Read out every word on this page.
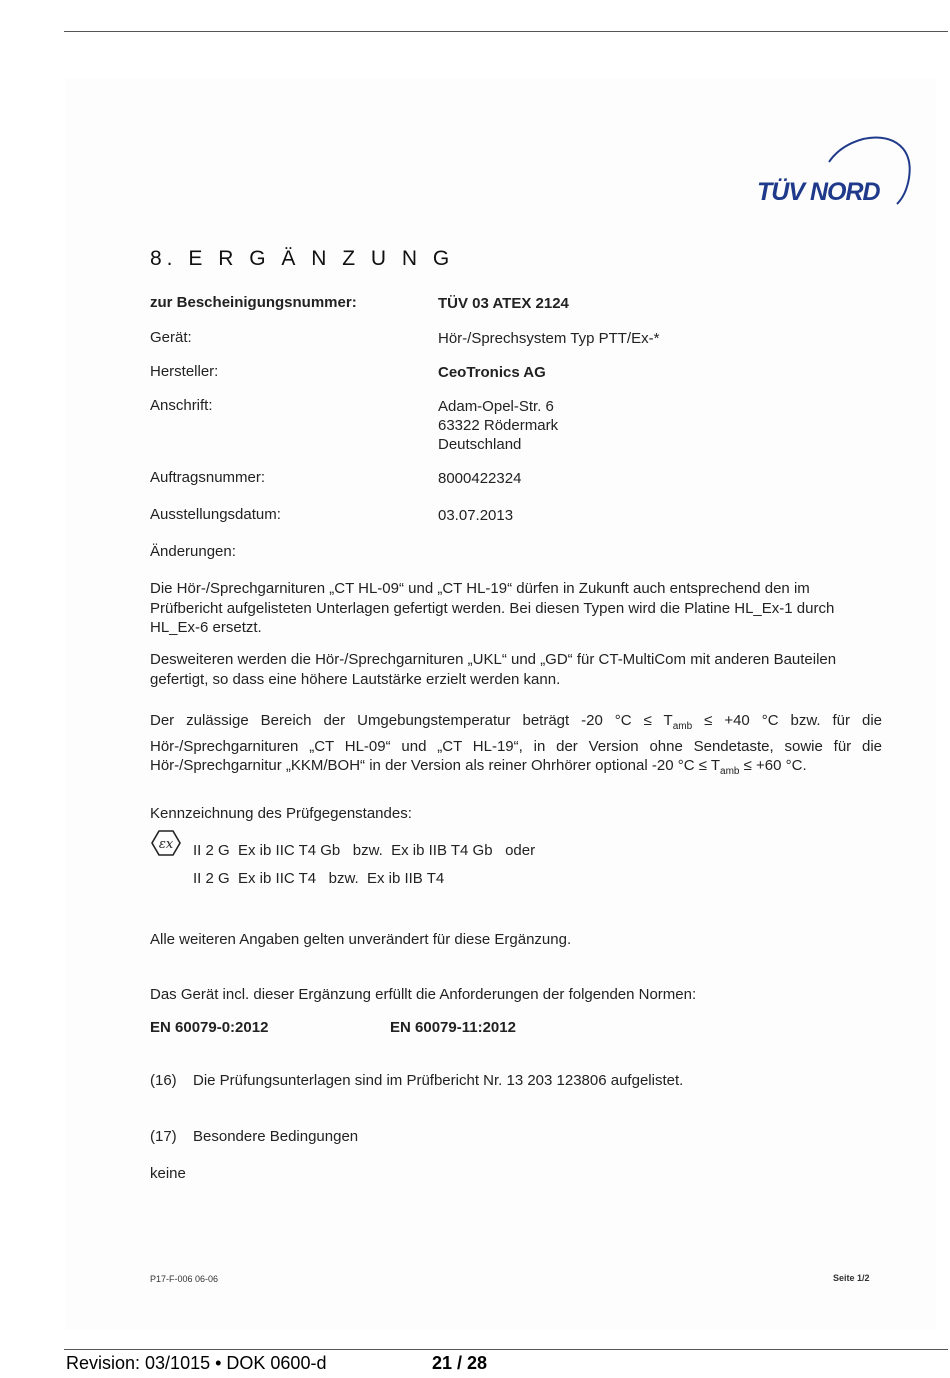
TÜV NORD
8. E R G Ä N Z U N G
zur Bescheinigungsnummer:	TÜV 03 ATEX 2124
Gerät:	Hör-/Sprechsystem Typ PTT/Ex-*
Hersteller:	CeoTronics AG
Anschrift:	Adam-Opel-Str. 6
63322 Rödermark
Deutschland
Auftragsnummer:	8000422324
Ausstellungsdatum:	03.07.2013
Änderungen:
Die Hör-/Sprechgarnituren „CT HL-09“ und „CT HL-19“ dürfen in Zukunft auch entsprechend den im Prüfbericht aufgelisteten Unterlagen gefertigt werden. Bei diesen Typen wird die Platine HL_Ex-1 durch HL_Ex-6 ersetzt.
Desweiteren werden die Hör-/Sprechgarnituren „UKL“ und „GD“ für CT-MultiCom mit anderen Bauteilen gefertigt, so dass eine höhere Lautstärke erzielt werden kann.
Der zulässige Bereich der Umgebungstemperatur beträgt -20 $^\circ C \le T_{amb} \le +40$ °C bzw. für die Hör-/Sprechgarnituren „CT HL-09“ und „CT HL-19“, in der Version ohne Sendetaste, sowie für die Hör-/Sprechgarnitur „KKM/BOH“ in der Version als reiner Ohrhörer optional -20 $^\circ C \le T_{amb} \le +60$ °C.
Kennzeichnung des Prüfgegenstandes:
εx II 2 G  Ex ib IIC T4 Gb   bzw.  Ex ib IIB T4 Gb   oder
II 2 G  Ex ib IIC T4   bzw.  Ex ib IIB T4
Alle weiteren Angaben gelten unverändert für diese Ergänzung.
Das Gerät incl. dieser Ergänzung erfüllt die Anforderungen der folgenden Normen:
EN 60079-0:2012	EN 60079-11:2012
(16) Die Prüfungsunterlagen sind im Prüfbericht Nr. 13 203 123806 aufgelistet.
(17) Besondere Bedingungen
keine
P17-F-006 06-06	Seite 1/2
Revision: 03/1015 • DOK 0600-d	21 / 28
